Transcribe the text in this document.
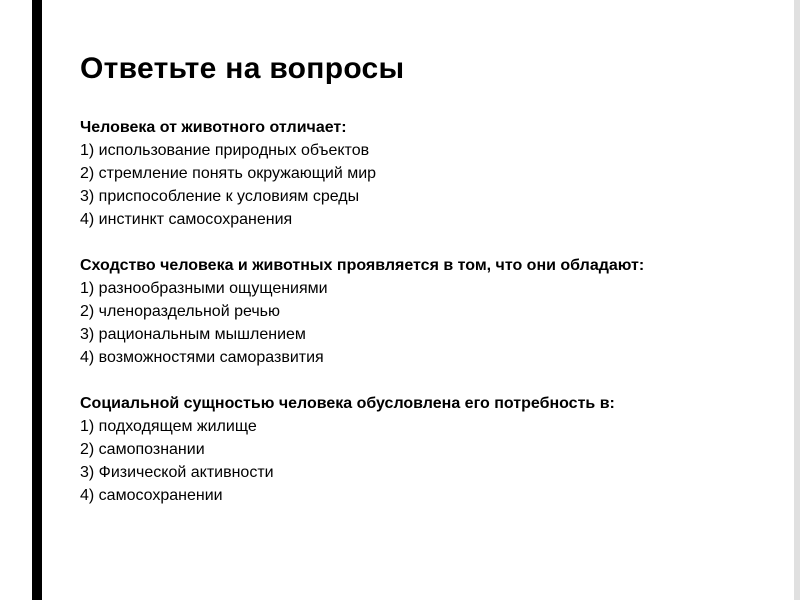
Ответьте на вопросы
Человека от животного отличает:
1) использование природных объектов
2) стремление понять окружающий мир
3) приспособление к условиям среды
4) инстинкт самосохранения
Сходство человека и животных проявляется в том, что они обладают:
1) разнообразными ощущениями
2) членораздельной речью
3) рациональным мышлением
4) возможностями саморазвития
Социальной сущностью человека обусловлена его потребность в:
1) подходящем жилище
2) самопознании
3) Физической активности
4) самосохранении
